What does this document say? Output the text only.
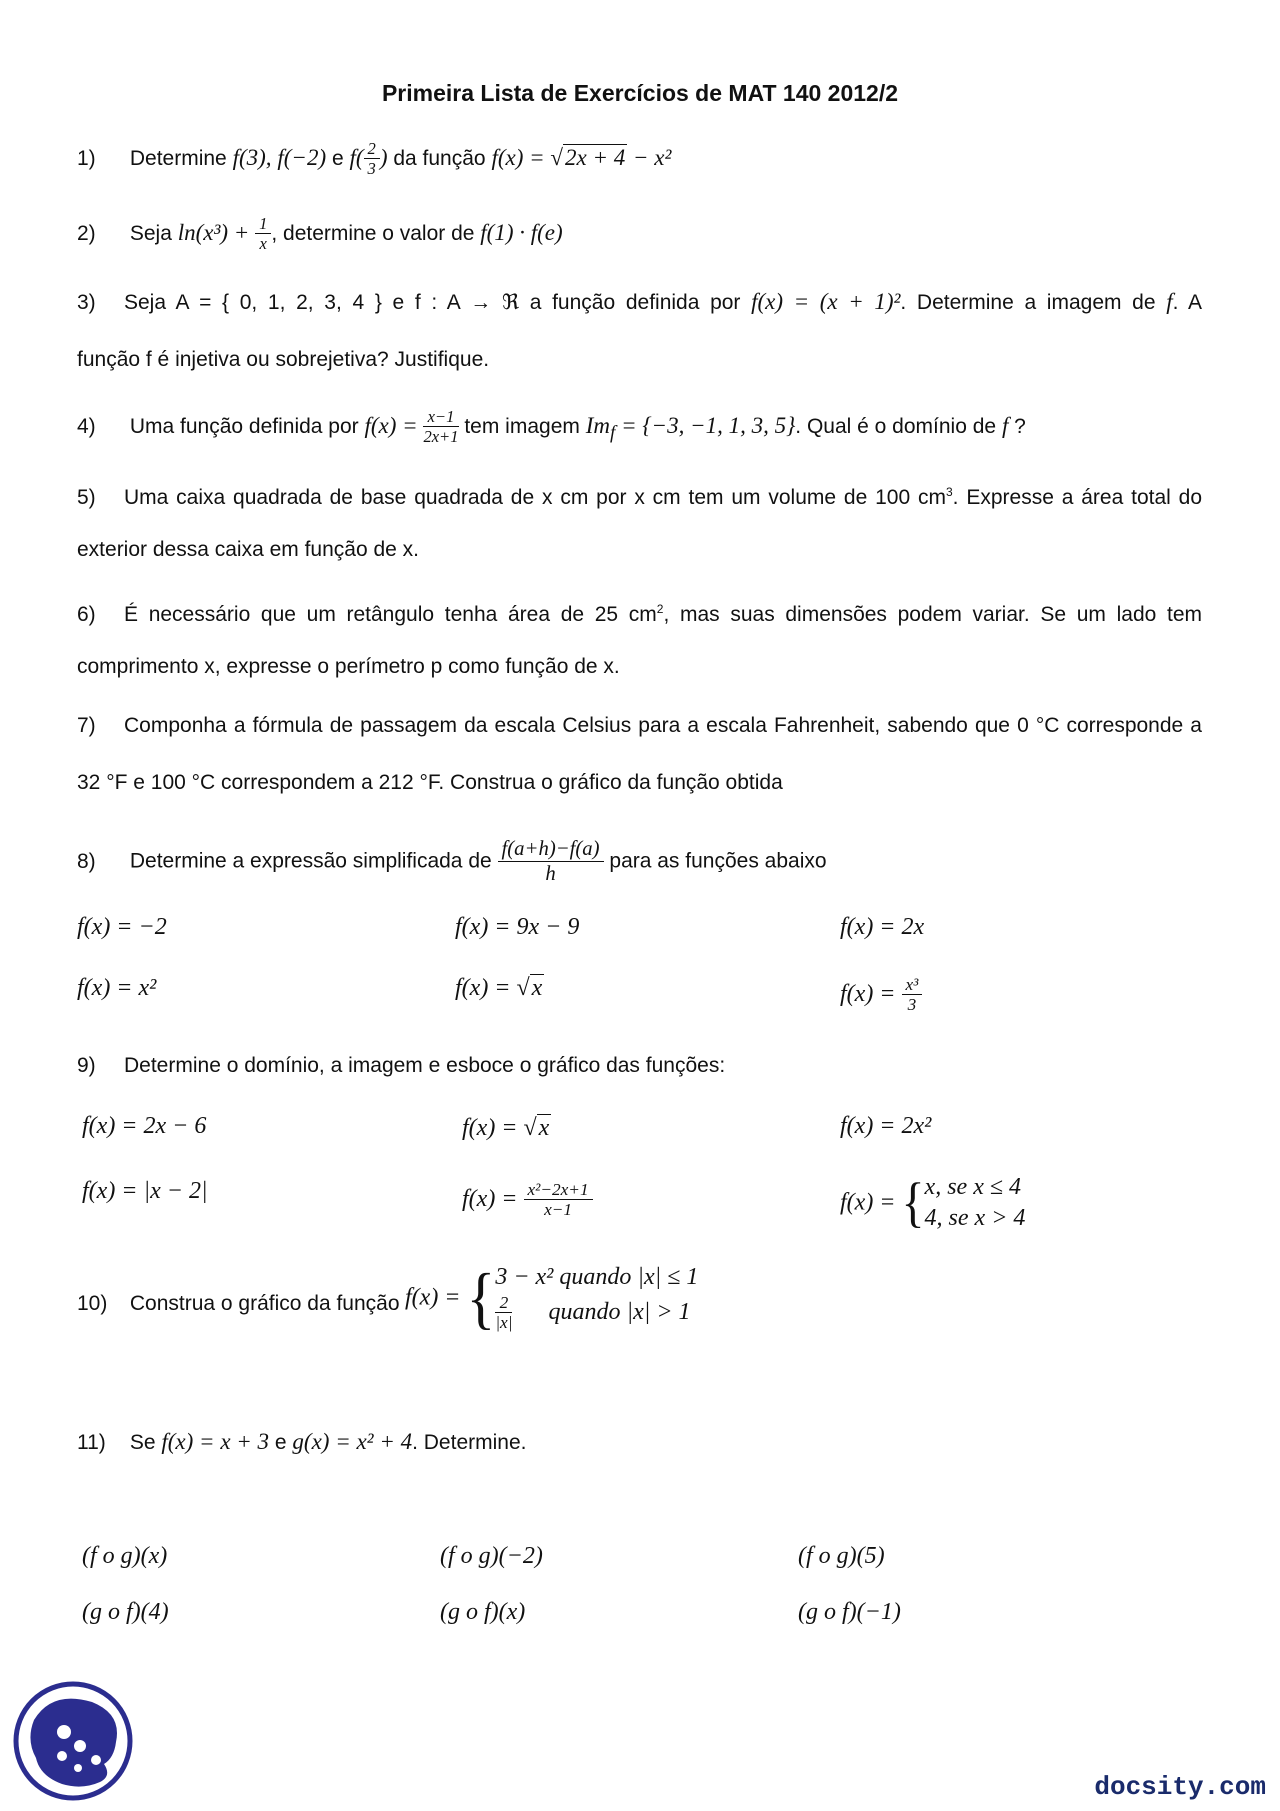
Primeira Lista de Exercícios de MAT 140 2012/2
1) Determine f(3), f(−2) e $f( \frac{2}{3}$ ) da função f(x) = √2x + 4 − x²
2) Seja $\ln(x^3) + \frac{1}{x}$ , determine o valor de f(1) · f(e)
3) Seja A = { 0, 1, 2, 3, 4 } e f : A → ℜ a função definida por f(x) = (x + 1)². Determine a imagem de f. A
função f é injetiva ou sobrejetiva? Justifique.
4) Uma função definida por $f(x) = \frac{x-1}{2x+1}$ tem imagem $Im_f = \{-3$, −1, 1, 3, 5}. Qual é o domínio de f ?
5) Uma caixa quadrada de base quadrada de x cm por x cm tem um volume de 100 $cm^3$. Expresse a área total do
exterior dessa caixa em função de x.
6) É necessário que um retângulo tenha área de 25 $cm^2$, mas suas dimensões podem variar. Se um lado tem
comprimento x, expresse o perímetro p como função de x.
7) Componha a fórmula de passagem da escala Celsius para a escala Fahrenheit, sabendo que 0 °C corresponde a
32 °F e 100 °C correspondem a 212 °F. Construa o gráfico da função obtida
8) Determine a expressão simplificada de $\frac{f(a+h)-f(a)}{h}$ para as funções abaixo
f(x) = −2	f(x) = 9x − 9	f(x) = 2x
f(x) = x²	f(x) = √x	$f(x) = \frac{\text{x³}}{3}$
9) Determine o domínio, a imagem e esboce o gráfico das funções:
f(x) = 2x − 6	f(x) = √x	f(x) = 2x²
f(x) = |x − 2|	$f(x) = \frac{\text{x²−2x+1}}{x-1}$	f(x) = { x, se x ≤ 4
4, se x > 4
10) Construa o gráfico da função f(x) = { 3 − x² quando |x| ≤ 1
$\frac{2}{|x|}$ quando |x| > 1
11) Se f(x) = x + 3 e g(x) = x² + 4. Determine.
(f o g)(x)	(f o g)(−2)	(f o g)(5)
(g o f)(4)	(g o f)(x)	(g o f)(−1)
docsity.com
